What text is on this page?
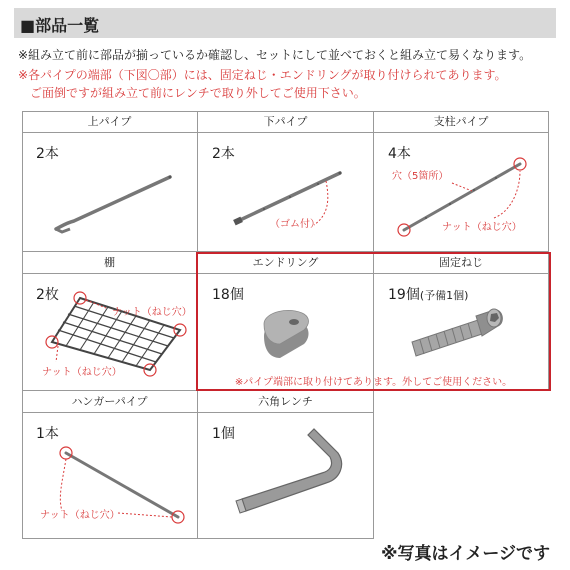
■部品一覧
※組み立て前に部品が揃っているか確認し、セットにして並べておくと組み立て易くなります。
※各パイプの端部（下図〇部）には、固定ねじ・エンドリングが取り付けられてあります。
ご面倒ですが組み立て前にレンチで取り外してご使用下さい。
上パイプ
2本
下パイプ
2本
（ゴム付）
支柱パイプ
4本
穴（5箇所）
ナット（ねじ穴）
棚
2枚
ナット（ねじ穴）
ナット（ねじ穴）
エンドリング
18個
固定ねじ
19個(予備1個)
※パイプ端部に取り付けてあります。外してご使用ください。
ハンガーパイプ
1本
ナット（ねじ穴）
六角レンチ
1個
※写真はイメージです
